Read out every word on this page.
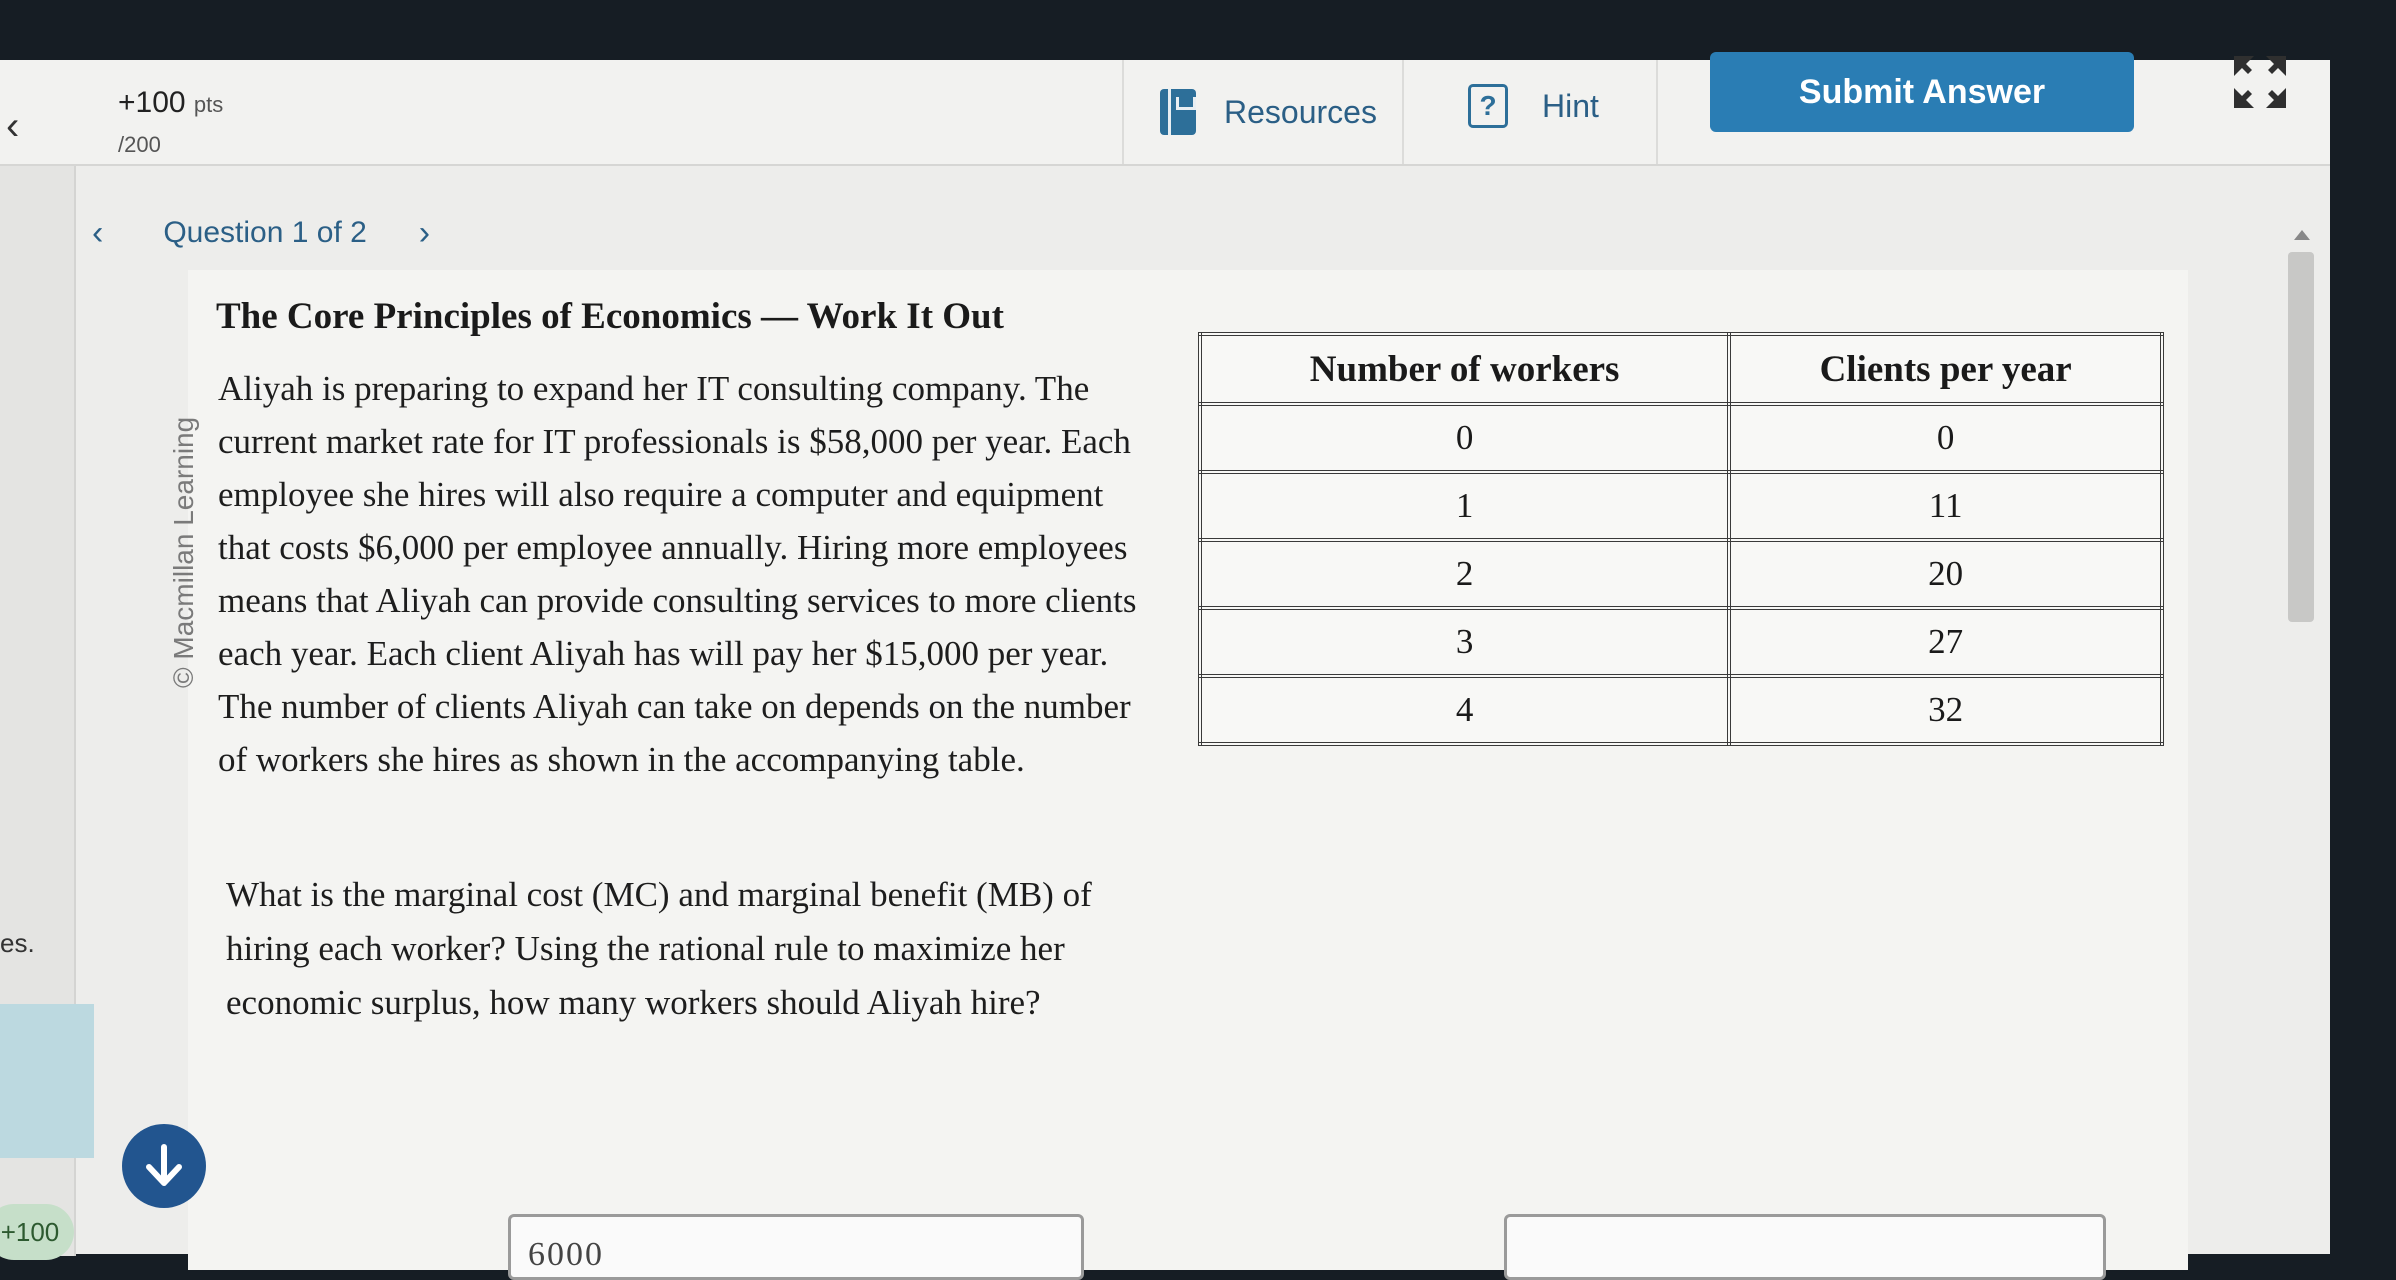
‹
+100 pts
/200
Resources	?	Hint	Submit Answer
es.
+100
‹ Question 1 of 2 ›
© Macmillan Learning
The Core Principles of Economics — Work It Out
Aliyah is preparing to expand her IT consulting company. The current market rate for IT professionals is $58,000 per year. Each employee she hires will also require a computer and equipment that costs $6,000 per employee annually. Hiring more employees means that Aliyah can provide consulting services to more clients each year. Each client Aliyah has will pay her $15,000 per year. The number of clients Aliyah can take on depends on the number of workers she hires as shown in the accompanying table.
What is the marginal cost (MC) and marginal benefit (MB) of hiring each worker? Using the rational rule to maximize her economic surplus, how many workers should Aliyah hire?
Number of workers	Clients per year
0	0
1	11
2	20
3	27
4	32
6000
